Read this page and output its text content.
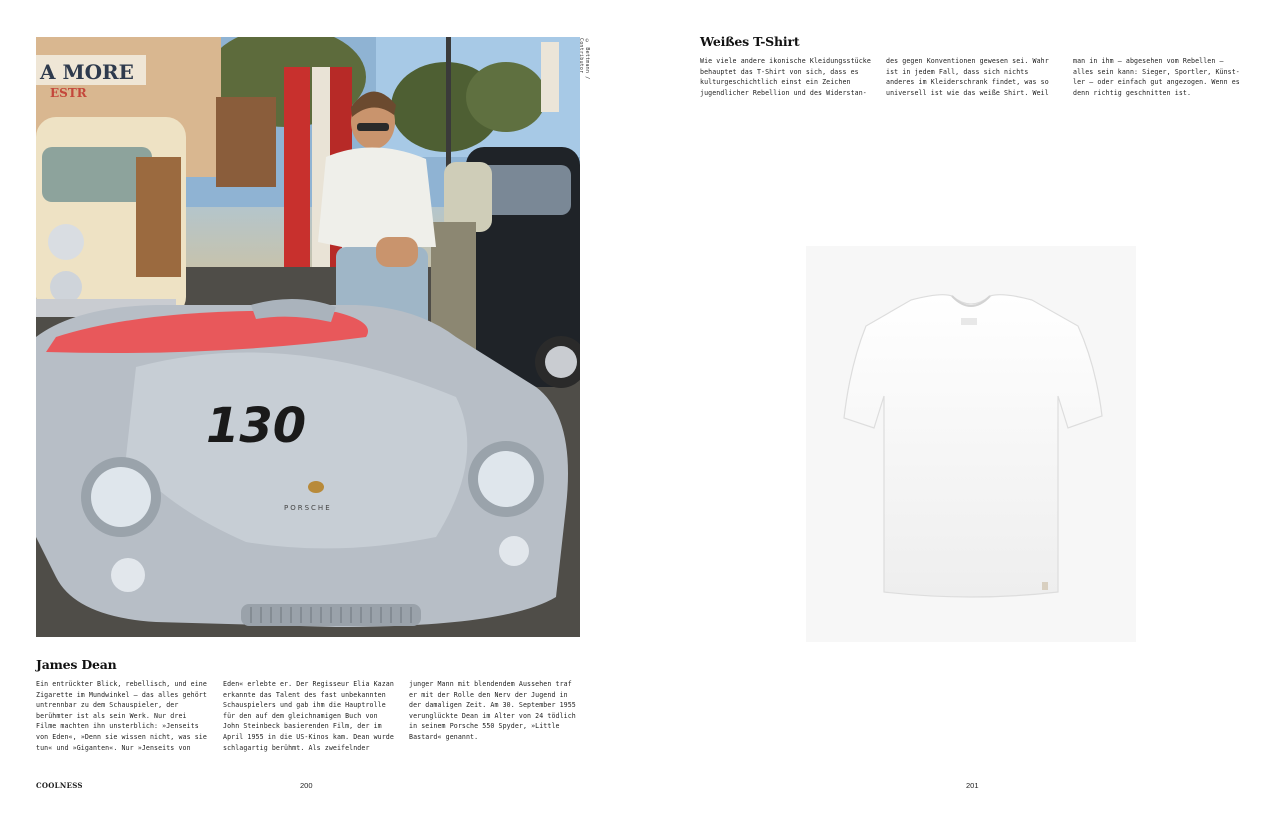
A MORE
ESTR
130
PORSCHE
© Bettmann / Contributor
James Dean
Ein entrückter Blick, rebellisch, und eine
Zigarette im Mundwinkel – das alles gehört
untrennbar zu dem Schauspieler, der
berühmter ist als sein Werk. Nur drei
Filme machten ihn unsterblich: »Jenseits
von Eden«, »Denn sie wissen nicht, was sie
tun« und »Giganten«. Nur »Jenseits von
Eden« erlebte er. Der Regisseur Elia Kazan
erkannte das Talent des fast unbekannten
Schauspielers und gab ihm die Hauptrolle
für den auf dem gleichnamigen Buch von
John Steinbeck basierenden Film, der im
April 1955 in die US-Kinos kam. Dean wurde
schlagartig berühmt. Als zweifelnder
junger Mann mit blendendem Aussehen traf
er mit der Rolle den Nerv der Jugend in
der damaligen Zeit. Am 30. September 1955
verunglückte Dean im Alter von 24 tödlich
in seinem Porsche 550 Spyder, »Little
Bastard« genannt.
COOLNESS	200
Weißes T-Shirt
Wie viele andere ikonische Kleidungsstücke
behauptet das T-Shirt von sich, dass es
kulturgeschichtlich einst ein Zeichen
jugendlicher Rebellion und des Widerstan-
des gegen Konventionen gewesen sei. Wahr
ist in jedem Fall, dass sich nichts
anderes im Kleiderschrank findet, was so
universell ist wie das weiße Shirt. Weil
man in ihm – abgesehen vom Rebellen –
alles sein kann: Sieger, Sportler, Künst-
ler – oder einfach gut angezogen. Wenn es
denn richtig geschnitten ist.
201
